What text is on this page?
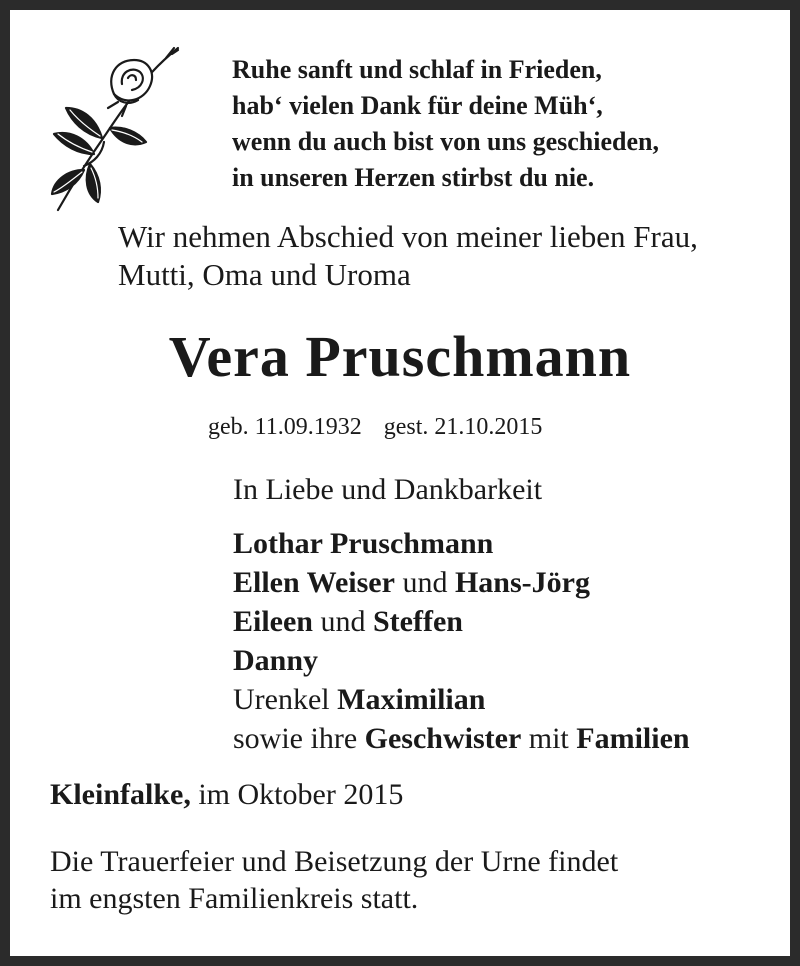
Ruhe sanft und schlaf in Frieden,
hab‘ vielen Dank für deine Müh‘,
wenn du auch bist von uns geschieden,
in unseren Herzen stirbst du nie.
Wir nehmen Abschied von meiner lieben Frau,
Mutti, Oma und Uroma
Vera Pruschmann
geb. 11.09.1932 gest. 21.10.2015
In Liebe und Dankbarkeit
Lothar Pruschmann
Ellen Weiser und Hans-Jörg
Eileen und Steffen
Danny
Urenkel Maximilian
sowie ihre Geschwister mit Familien
Kleinfalke, im Oktober 2015
Die Trauerfeier und Beisetzung der Urne findet
im engsten Familienkreis statt.
